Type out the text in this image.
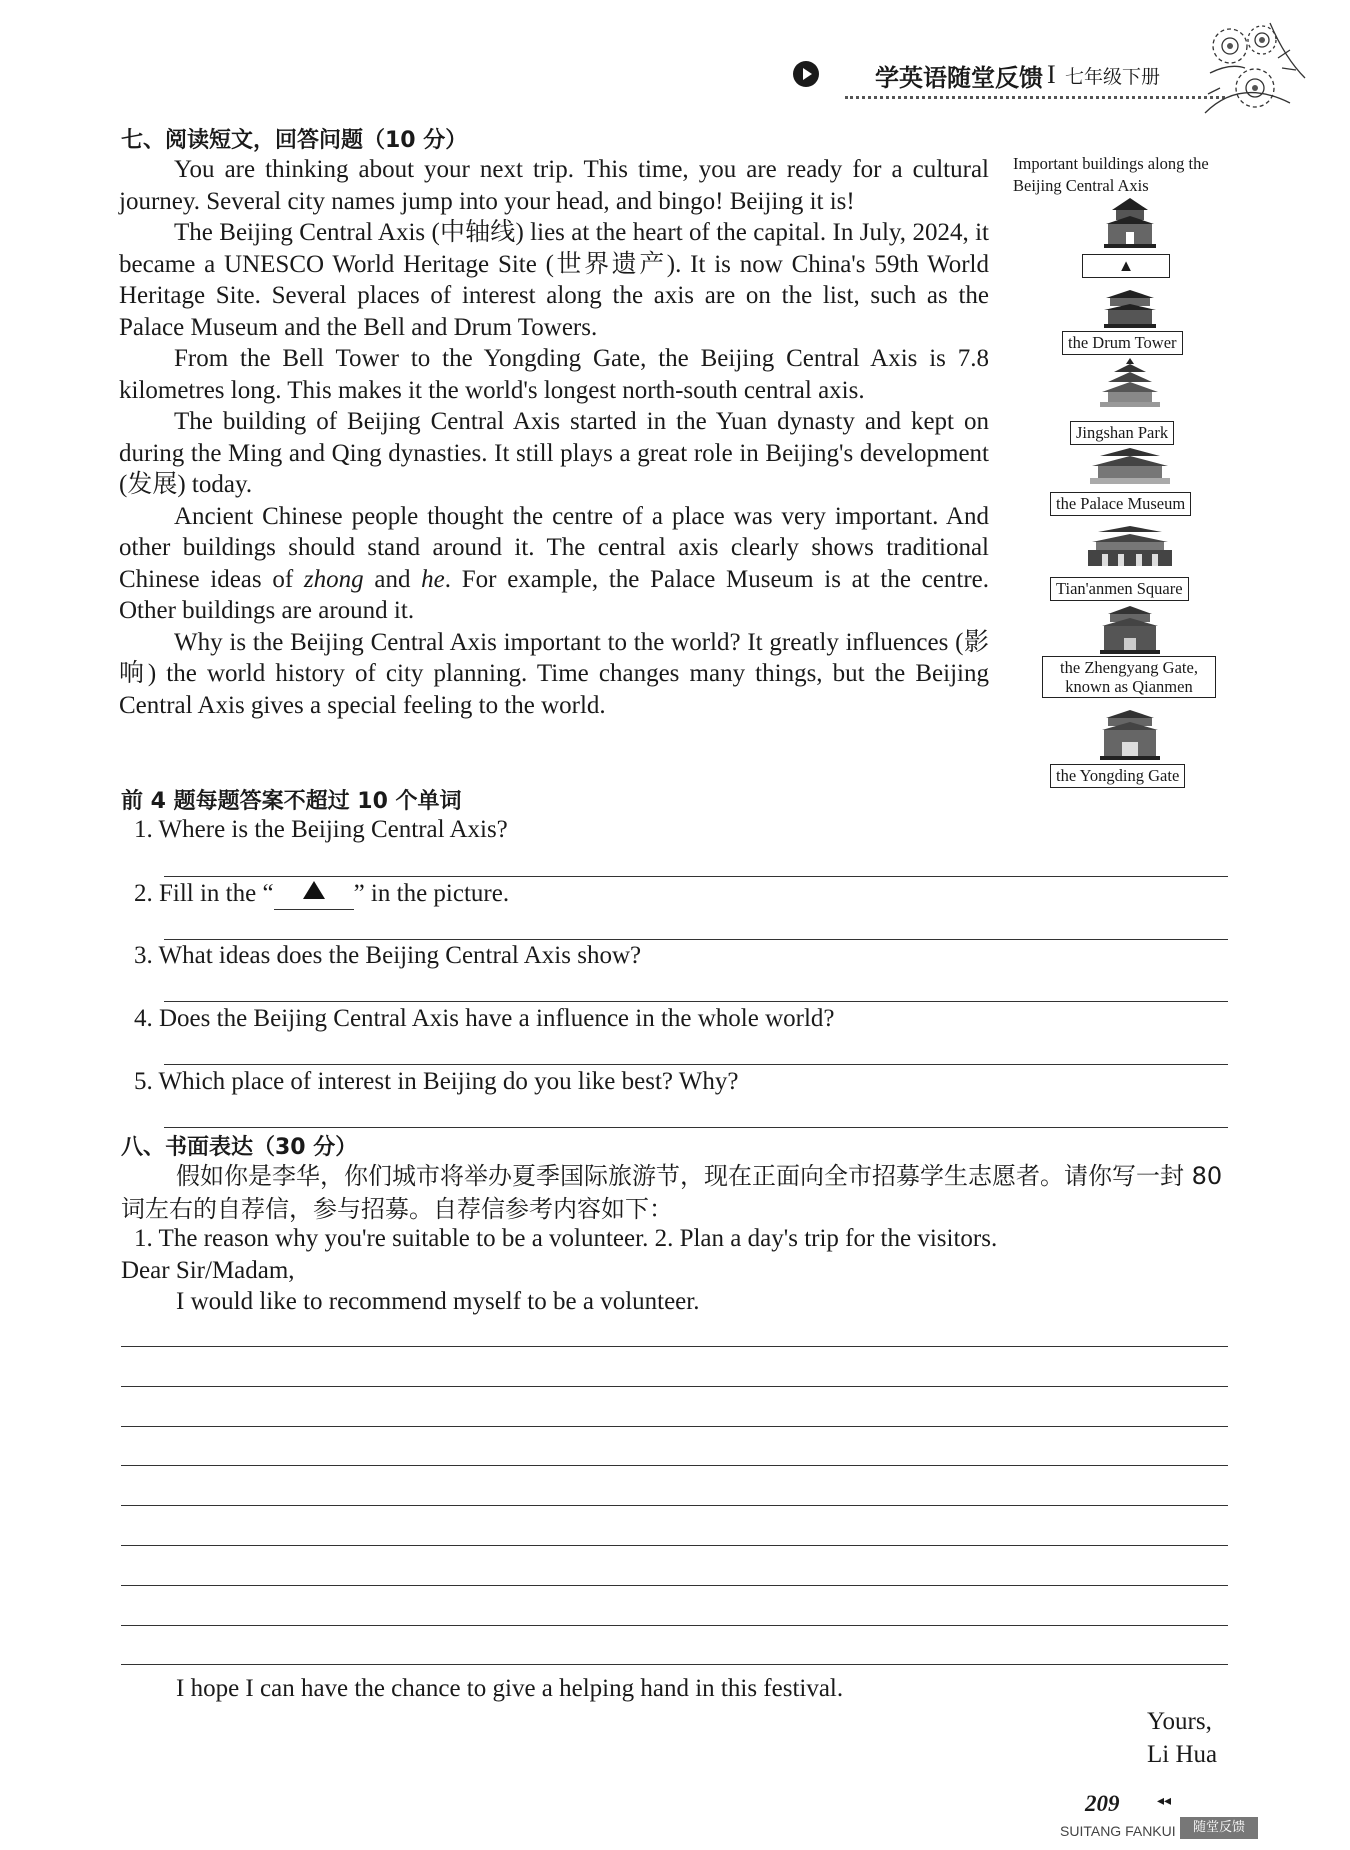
学英语随堂反馈 I 七年级下册
七、阅读短文，回答问题（10 分）

You are thinking about your next trip. This time, you are ready for a cultural journey. Several city names jump into your head, and bingo! Beijing it is!

The Beijing Central Axis (中轴线) lies at the heart of the capital. In July, 2024, it became a UNESCO World Heritage Site (世界遗产). It is now China's 59th World Heritage Site. Several places of interest along the axis are on the list, such as the Palace Museum and the Bell and Drum Towers.

From the Bell Tower to the Yongding Gate, the Beijing Central Axis is 7.8 kilometres long. This makes it the world's longest north-south central axis.

The building of Beijing Central Axis started in the Yuan dynasty and kept on during the Ming and Qing dynasties. It still plays a great role in Beijing's development (发展) today.

Ancient Chinese people thought the centre of a place was very important. And other buildings should stand around it. The central axis clearly shows traditional Chinese ideas of zhong and he. For example, the Palace Museum is at the centre. Other buildings are around it.

Why is the Beijing Central Axis important to the world? It greatly influences (影响) the world history of city planning. Time changes many things, but the Beijing Central Axis gives a special feeling to the world.

Important buildings along the Beijing Central Axis
▲
the Drum Tower
Jingshan Park
the Palace Museum
Tian'anmen Square
the Zhengyang Gate, known as Qianmen
the Yongding Gate
前 4 题每题答案不超过 10 个单词
1. Where is the Beijing Central Axis?
2. Fill in the “	” in the picture.
3. What ideas does the Beijing Central Axis show?
4. Does the Beijing Central Axis have a influence in the whole world?
5. Which place of interest in Beijing do you like best? Why?
八、书面表达（30 分）
假如你是李华，你们城市将举办夏季国际旅游节，现在正面向全市招募学生志愿者。请你写一封 80 词左右的自荐信，参与招募。自荐信参考内容如下：
1. The reason why you're suitable to be a volunteer. 2. Plan a day's trip for the visitors.
Dear Sir/Madam,
I would like to recommend myself to be a volunteer.
I hope I can have the chance to give a helping hand in this festival.
Yours,
Li Hua
209	◂◂
SUITANG FANKUI	随堂反馈
